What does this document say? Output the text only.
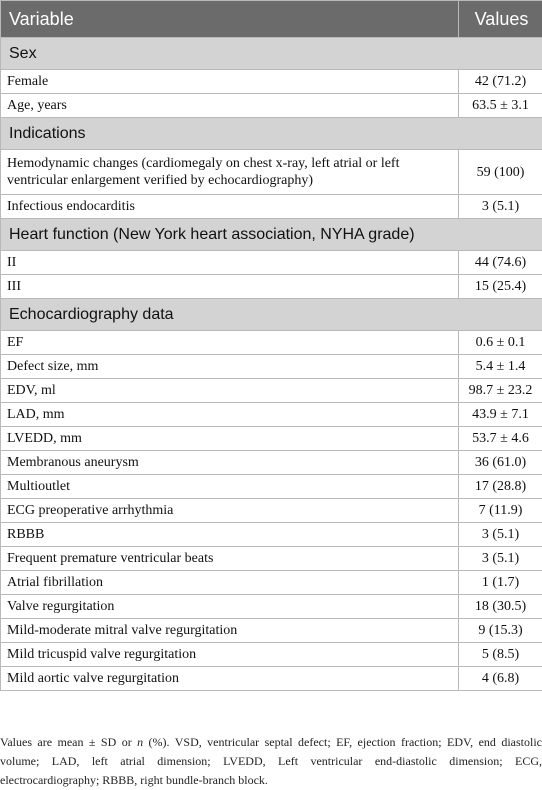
Variable	Values
Sex	
Female	42 (71.2)
Age, years	63.5 ± 3.1
Indications	
Hemodynamic changes (cardiomegaly on chest x-ray, left atrial or left ventricular enlargement verified by echocardiography)	59 (100)
Infectious endocarditis	3 (5.1)
Heart function (New York heart association, NYHA grade)	
II	44 (74.6)
III	15 (25.4)
Echocardiography data	
EF	0.6 ± 0.1
Defect size, mm	5.4 ± 1.4
EDV, ml	98.7 ± 23.2
LAD, mm	43.9 ± 7.1
LVEDD, mm	53.7 ± 4.6
Membranous aneurysm	36 (61.0)
Multioutlet	17 (28.8)
ECG preoperative arrhythmia	7 (11.9)
RBBB	3 (5.1)
Frequent premature ventricular beats	3 (5.1)
Atrial fibrillation	1 (1.7)
Valve regurgitation	18 (30.5)
Mild-moderate mitral valve regurgitation	9 (15.3)
Mild tricuspid valve regurgitation	5 (8.5)
Mild aortic valve regurgitation	4 (6.8)
Values are mean ± SD or n (%). VSD, ventricular septal defect; EF, ejection fraction; EDV, end diastolic volume; LAD, left atrial dimension; LVEDD, Left ventricular end-diastolic dimension; ECG, electrocardiography; RBBB, right bundle-branch block.
